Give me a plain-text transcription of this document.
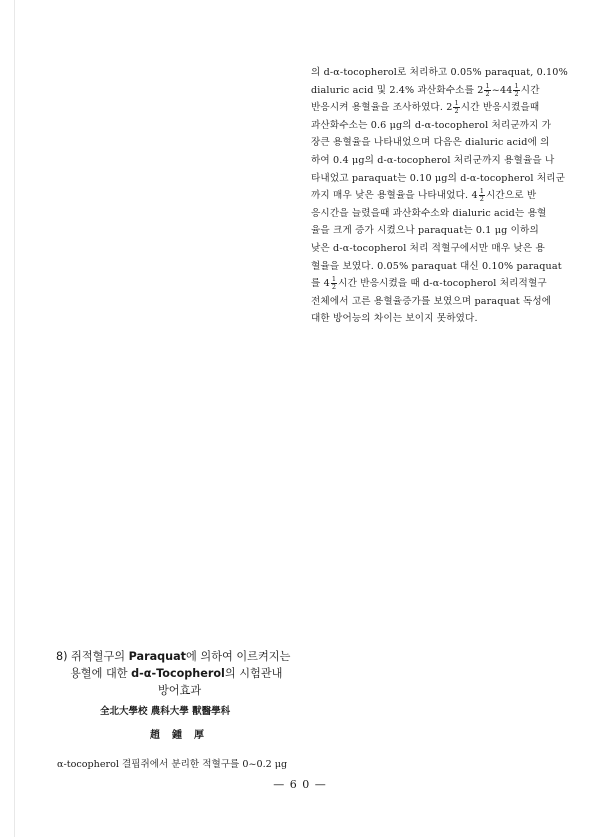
의 d-α-tocopherol로 처리하고 0.05% paraquat, 0.10%
dialuric acid 및 2.4% 과산화수소를 $2 \frac{1}{2}$ ~44 $\frac{1}{2}$ 시간
반응시켜 용혈율을 조사하였다. $2 \frac{1}{2}$ 시간 반응시켰을때
과산화수소는 0.6 μg의 d-α-tocopherol 처리군까지 가
장큰 용혈율을 나타내었으며 다음은 dialuric acid에 의
하여 0.4 μg의 d-α-tocopherol 처리군까지 용혈율을 나
타내었고 paraquat는 0.10 μg의 d-α-tocopherol 처리군
까지 매우 낮은 용혈율을 나타내었다. $4 \frac{1}{2}$ 시간으로 반
응시간을 늘렸을때 과산화수소와 dialuric acid는 용혈
율을 크게 증가 시켰으나 paraquat는 0.1 μg 이하의
낮은 d-α-tocopherol 처리 적혈구에서만 매우 낮은 용
혈율을 보였다. 0.05% paraquat 대신 0.10% paraquat
를 $4 \frac{1}{2}$ 시간 반응시켰을 때 d-α-tocopherol 처리적혈구
전체에서 고른 용혈율증가를 보였으며 paraquat 독성에
대한 방어능의 차이는 보이지 못하였다.
8) 쥐적혈구의 Paraquat에 의하여 이르켜지는
용혈에 대한 d-α-Tocopherol의 시험관내
방어효과
全北大學校 農科大學 獸醫學科
趙鍾厚
α-tocopherol 결핍쥐에서 분리한 적혈구를 0~0.2 μg
— 6 0 —
